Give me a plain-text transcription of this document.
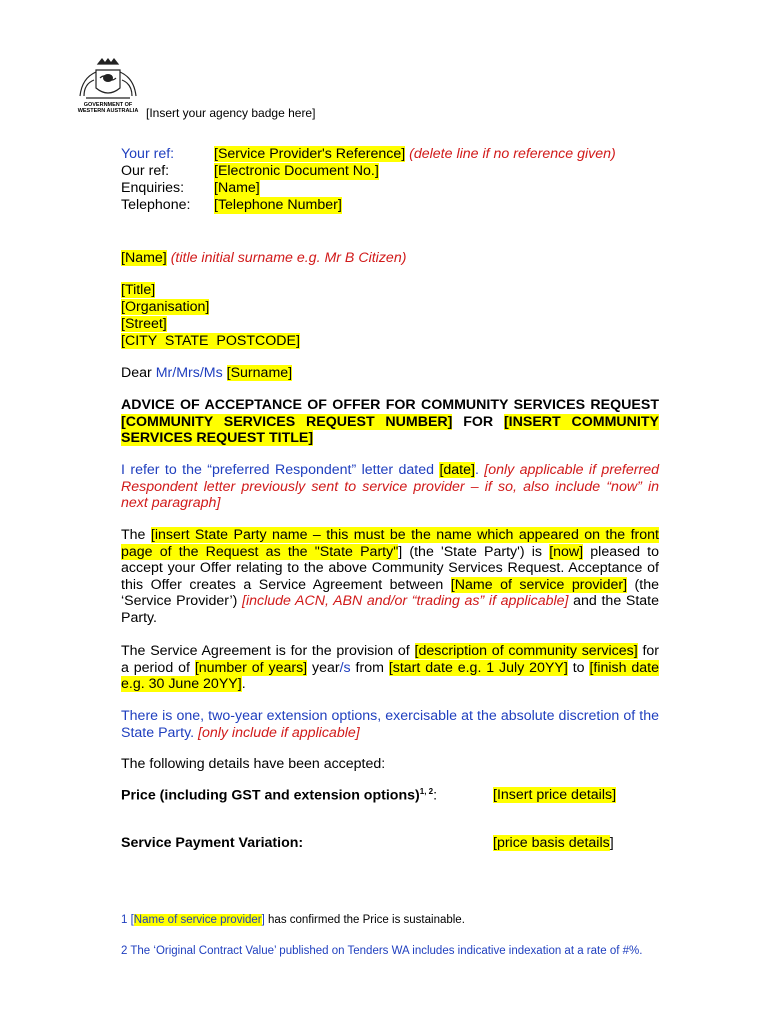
GOVERNMENT OF
WESTERN AUSTRALIA [Insert your agency badge here]
Your ref:	[Service Provider's Reference] (delete line if no reference given)
Our ref:	[Electronic Document No.]
Enquiries:	[Name]
Telephone:	[Telephone Number]
[Name] (title initial surname e.g. Mr B Citizen)
[Title]
[Organisation]
[Street]
[CITY  STATE  POSTCODE]
Dear Mr/Mrs/Ms [Surname]

ADVICE OF ACCEPTANCE OF OFFER FOR COMMUNITY SERVICES REQUEST [COMMUNITY SERVICES REQUEST NUMBER] FOR [INSERT COMMUNITY SERVICES REQUEST TITLE]

I refer to the “preferred Respondent” letter dated [date]. [only applicable if preferred Respondent letter previously sent to service provider – if so, also include “now” in next paragraph]

The [insert State Party name – this must be the name which appeared on the front page of the Request as the "State Party"] (the 'State Party') is [now] pleased to accept your Offer relating to the above Community Services Request. Acceptance of this Offer creates a Service Agreement between [Name of service provider] (the ‘Service Provider’) [include ACN, ABN and/or “trading as” if applicable] and the State Party.

The Service Agreement is for the provision of [description of community services] for a period of [number of years] year/s from [start date e.g. 1 July 20YY] to [finish date e.g. 30 June 20YY].

There is one, two-year extension options, exercisable at the absolute discretion of the State Party. [only include if applicable]

The following details have been accepted:

Price (including GST and extension options)$^{1, 2}$:	[Insert price details]
Service Payment Variation:	[price basis details]
1 [Name of service provider] has confirmed the Price is sustainable.
2 The ‘Original Contract Value’ published on Tenders WA includes indicative indexation at a rate of #%.
